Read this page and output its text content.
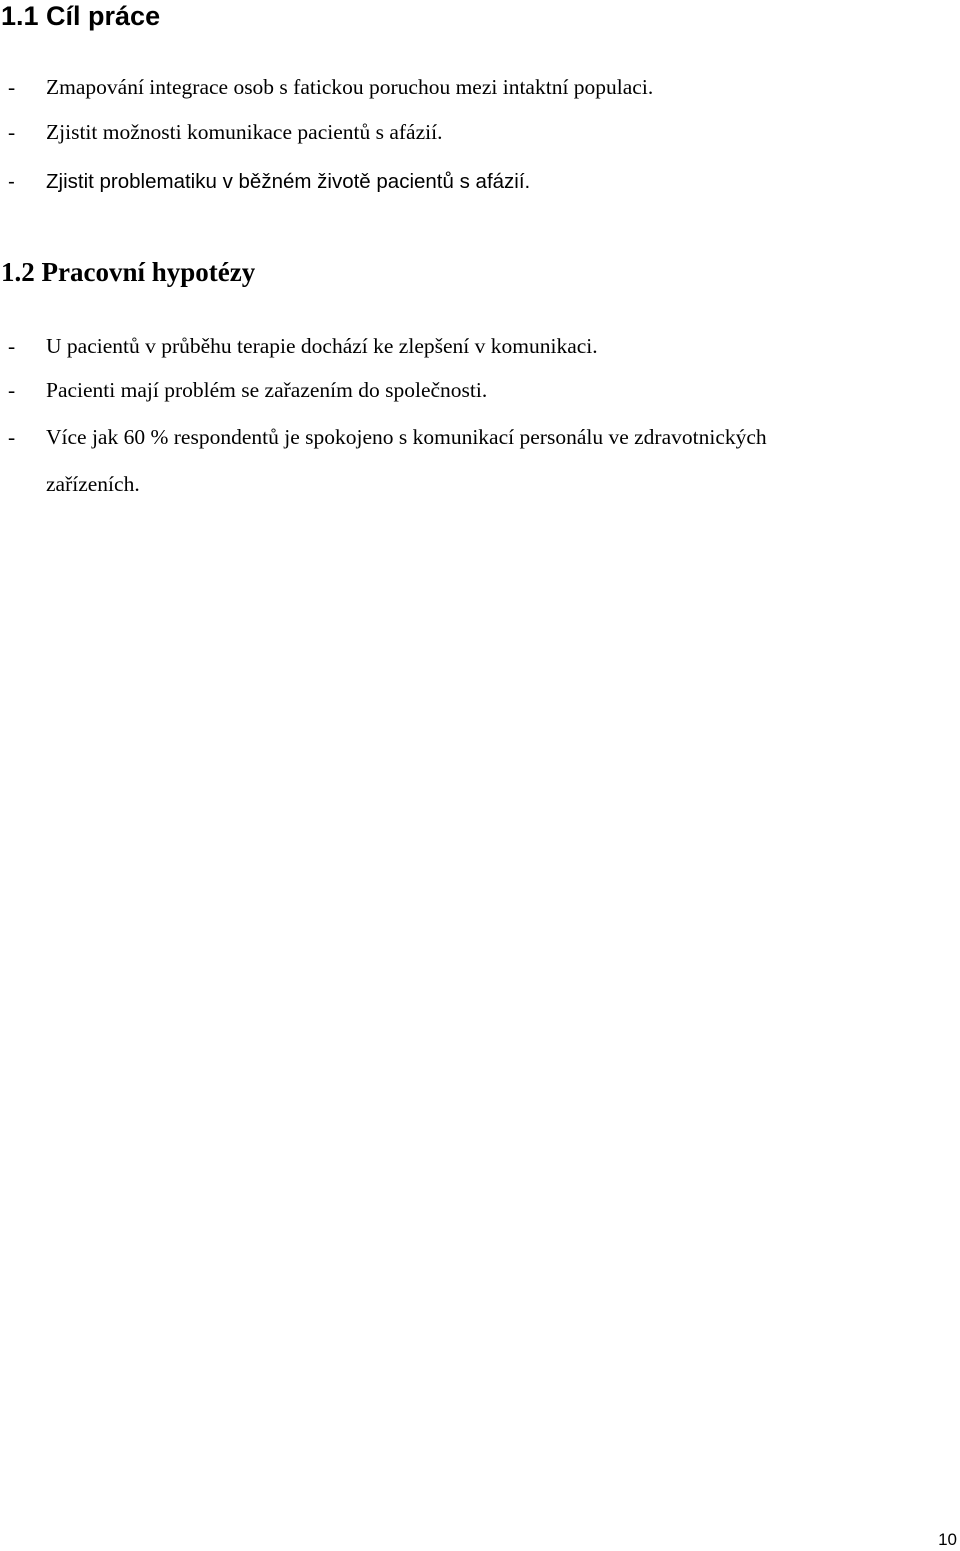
1.1 Cíl práce
- Zmapování integrace osob s fatickou poruchou mezi intaktní populaci.
- Zjistit možnosti komunikace pacientů s afázií.
- Zjistit problematiku v běžném životě pacientů s afázií.
1.2 Pracovní hypotézy
- U pacientů v průběhu terapie dochází ke zlepšení v komunikaci.
- Pacienti mají problém se zařazením do společnosti.
- Více jak 60 % respondentů je spokojeno s komunikací personálu ve zdravotnických
zařízeních.
10
